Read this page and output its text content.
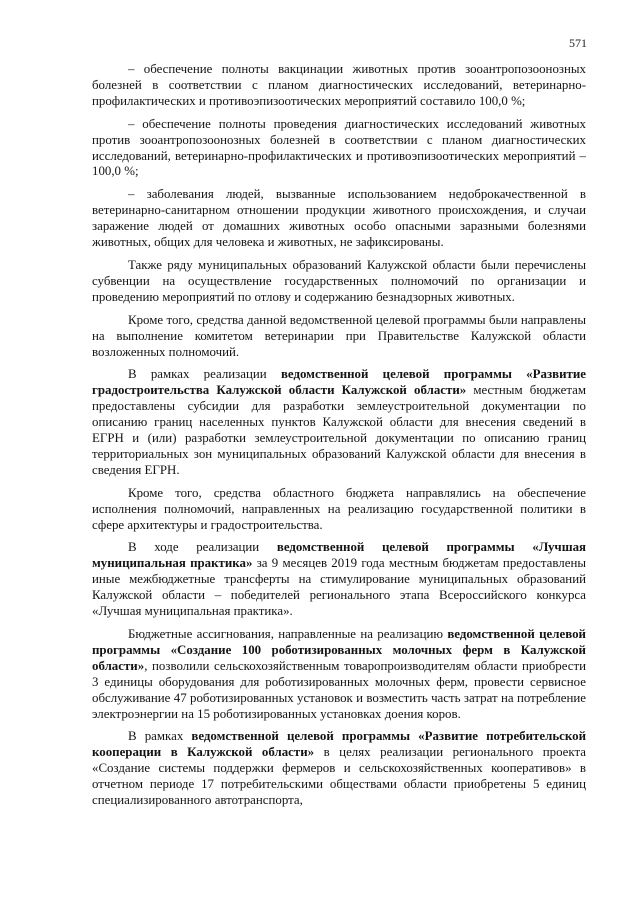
571

– обеспечение полноты вакцинации животных против зооантропозоонозных болезней в соответствии с планом диагностических исследований, ветеринарно-профилактических и противоэпизоотических мероприятий составило 100,0 %;

– обеспечение полноты проведения диагностических исследований животных против зооантропозоонозных болезней в соответствии с планом диагностических исследований, ветеринарно-профилактических и противоэпизоотических мероприятий – 100,0 %;

– заболевания людей, вызванные использованием недоброкачественной в ветеринарно-санитарном отношении продукции животного происхождения, и случаи заражение людей от домашних животных особо опасными заразными болезнями животных, общих для человека и животных, не зафиксированы.

Также ряду муниципальных образований Калужской области были перечислены субвенции на осуществление государственных полномочий по организации и проведению мероприятий по отлову и содержанию безнадзорных животных.

Кроме того, средства данной ведомственной целевой программы были направлены на выполнение комитетом ветеринарии при Правительстве Калужской области возложенных полномочий.

В рамках реализации ведомственной целевой программы «Развитие градостроительства Калужской области Калужской области» местным бюджетам предоставлены субсидии для разработки землеустроительной документации по описанию границ населенных пунктов Калужской области для внесения сведений в ЕГРН и (или) разработки землеустроительной документации по описанию границ территориальных зон муниципальных образований Калужской области для внесения в сведения ЕГРН.

Кроме того, средства областного бюджета направлялись на обеспечение исполнения полномочий, направленных на реализацию государственной политики в сфере архитектуры и градостроительства.

В ходе реализации ведомственной целевой программы «Лучшая муниципальная практика» за 9 месяцев 2019 года местным бюджетам предоставлены иные межбюджетные трансферты на стимулирование муниципальных образований Калужской области – победителей регионального этапа Всероссийского конкурса «Лучшая муниципальная практика».

Бюджетные ассигнования, направленные на реализацию ведомственной целевой программы «Создание 100 роботизированных молочных ферм в Калужской области», позволили сельскохозяйственным товаропроизводителям области приобрести 3 единицы оборудования для роботизированных молочных ферм, провести сервисное обслуживание 47 роботизированных установок и возместить часть затрат на потребление электроэнергии на 15 роботизированных установках доения коров.

В рамках ведомственной целевой программы «Развитие потребительской кооперации в Калужской области» в целях реализации регионального проекта «Создание системы поддержки фермеров и сельскохозяйственных кооперативов» в отчетном периоде 17 потребительскими обществами области приобретены 5 единиц специализированного автотранспорта,
